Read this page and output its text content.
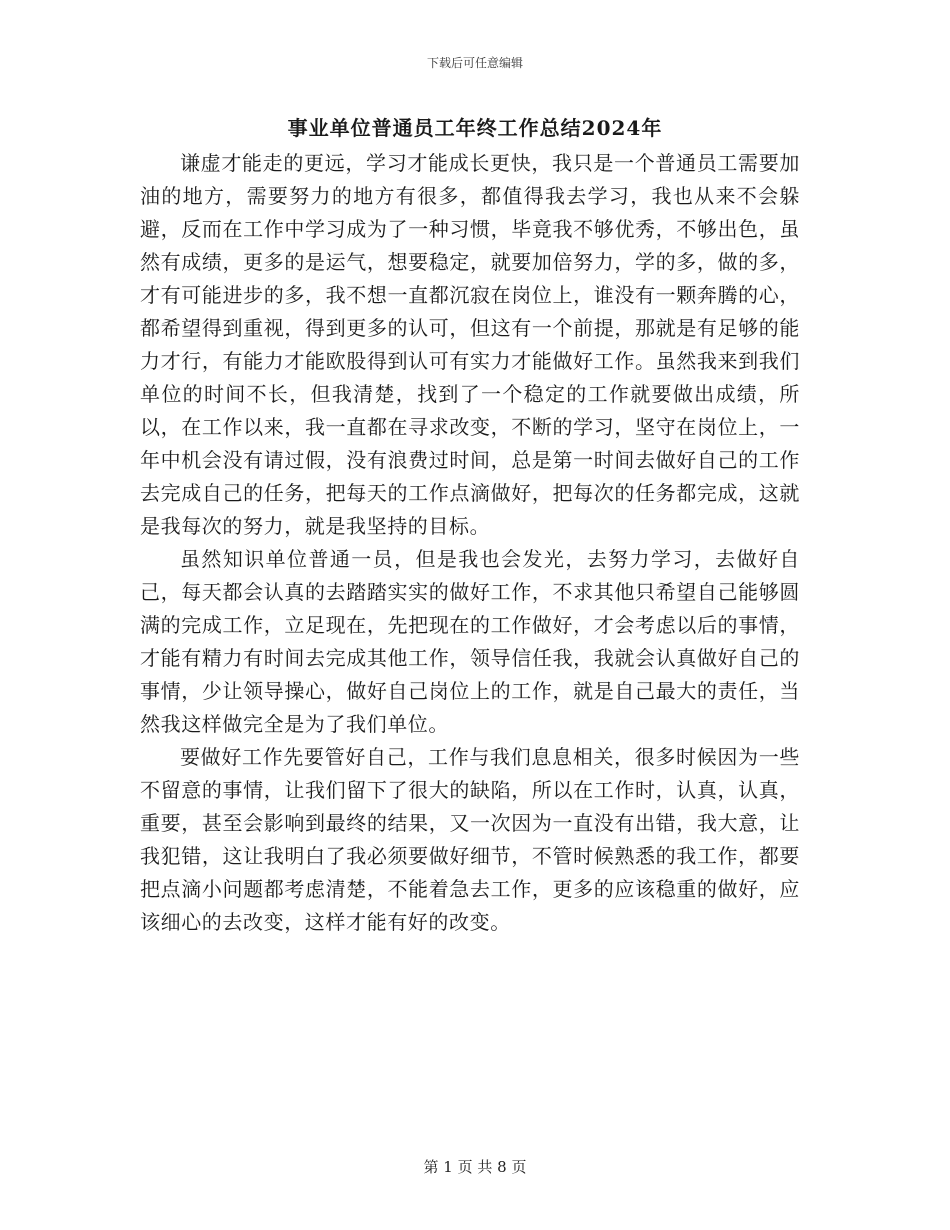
下载后可任意编辑
事业单位普通员工年终工作总结2024年

谦虚才能走的更远，学习才能成长更快，我只是一个普通员工需要加油的地方，需要努力的地方有很多，都值得我去学习，我也从来不会躲避，反而在工作中学习成为了一种习惯，毕竟我不够优秀，不够出色，虽然有成绩，更多的是运气，想要稳定，就要加倍努力，学的多，做的多，才有可能进步的多，我不想一直都沉寂在岗位上，谁没有一颗奔腾的心，都希望得到重视，得到更多的认可，但这有一个前提，那就是有足够的能力才行，有能力才能欧股得到认可有实力才能做好工作。虽然我来到我们单位的时间不长，但我清楚，找到了一个稳定的工作就要做出成绩，所以，在工作以来，我一直都在寻求改变，不断的学习，坚守在岗位上，一年中机会没有请过假，没有浪费过时间，总是第一时间去做好自己的工作去完成自己的任务，把每天的工作点滴做好，把每次的任务都完成，这就是我每次的努力，就是我坚持的目标。

虽然知识单位普通一员，但是我也会发光，去努力学习，去做好自己，每天都会认真的去踏踏实实的做好工作，不求其他只希望自己能够圆满的完成工作，立足现在，先把现在的工作做好，才会考虑以后的事情，才能有精力有时间去完成其他工作，领导信任我，我就会认真做好自己的事情，少让领导操心，做好自己岗位上的工作，就是自己最大的责任，当然我这样做完全是为了我们单位。

要做好工作先要管好自己，工作与我们息息相关，很多时候因为一些不留意的事情，让我们留下了很大的缺陷，所以在工作时，认真，认真，重要，甚至会影响到最终的结果，又一次因为一直没有出错，我大意，让我犯错，这让我明白了我必须要做好细节，不管时候熟悉的我工作，都要把点滴小问题都考虑清楚，不能着急去工作，更多的应该稳重的做好，应该细心的去改变，这样才能有好的改变。

第 1 页 共 8 页
